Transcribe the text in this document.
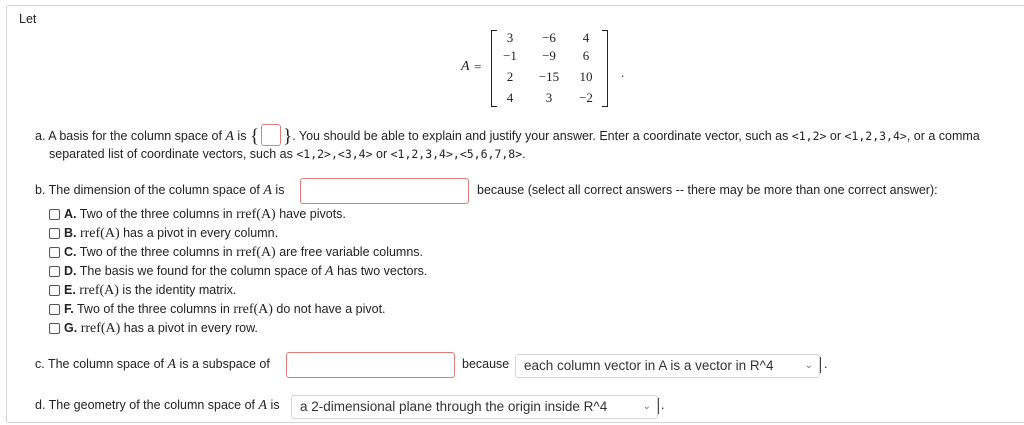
Let
A =
3	−6	4
−1	−9	6
2	−15	10
4	3	−2
.
a. A basis for the column space of A is { }. You should be able to explain and justify your answer. Enter a coordinate vector, such as <1,2> or <1,2,3,4>, or a comma
separated list of coordinate vectors, such as <1,2>,<3,4> or <1,2,3,4>,<5,6,7,8>.
b. The dimension of the column space of A is	because (select all correct answers -- there may be more than one correct answer):
A. Two of the three columns in rref(A) have pivots.
B. rref(A) has a pivot in every column.
C. Two of the three columns in rref(A) are free variable columns.
D. The basis we found for the column space of A has two vectors.
E. rref(A) is the identity matrix.
F. Two of the three columns in rref(A) do not have a pivot.
G. rref(A) has a pivot in every row.
c. The column space of A is a subspace of	because	each column vector in A is a vector in R^4	⌄ .
d. The geometry of the column space of A is	a 2-dimensional plane through the origin inside R^4	⌄ .
